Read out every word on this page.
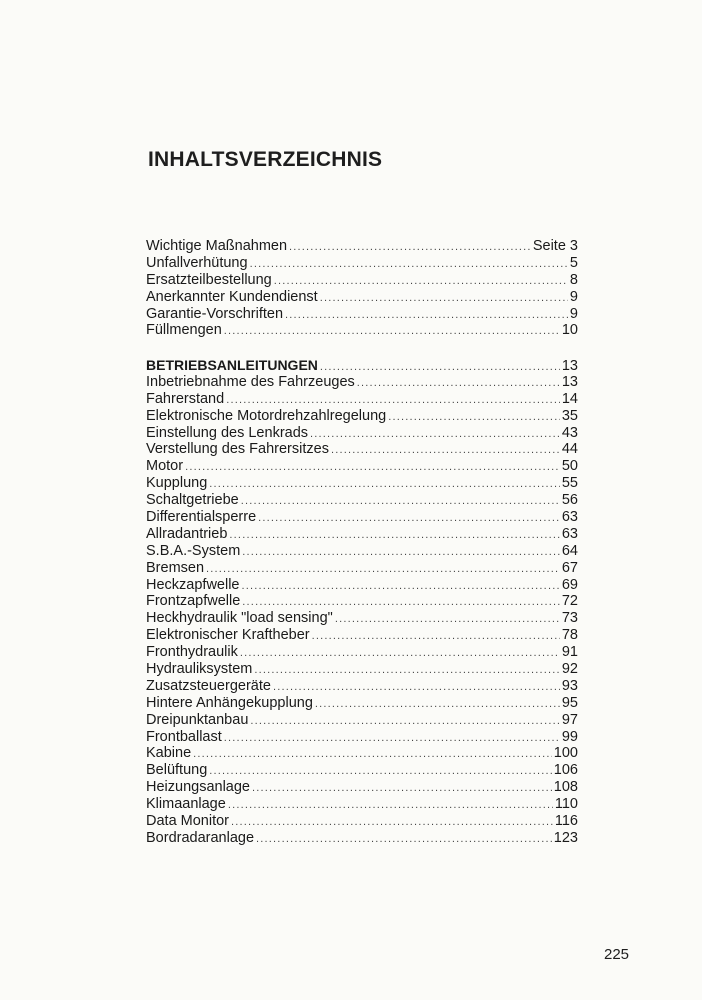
INHALTSVERZEICHNIS
Wichtige Maßnahmen .....	Seite 3
Unfallverhütung .....	5
Ersatzteilbestellung .....	8
Anerkannter Kundendienst .....	9
Garantie-Vorschriften .....	9
Füllmengen .....	10
BETRIEBSANLEITUNGEN .....	13
Inbetriebnahme des Fahrzeuges .....	13
Fahrerstand .....	14
Elektronische Motordrehzahlregelung .....	35
Einstellung des Lenkrads .....	43
Verstellung des Fahrersitzes .....	44
Motor .....	50
Kupplung .....	55
Schaltgetriebe .....	56
Differentialsperre .....	63
Allradantrieb .....	63
S.B.A.-System .....	64
Bremsen .....	67
Heckzapfwelle .....	69
Frontzapfwelle .....	72
Heckhydraulik "load sensing" .....	73
Elektronischer Kraftheber .....	78
Fronthydraulik .....	91
Hydrauliksystem .....	92
Zusatzsteuergeräte .....	93
Hintere Anhängekupplung .....	95
Dreipunktanbau .....	97
Frontballast .....	99
Kabine .....	100
Belüftung .....	106
Heizungsanlage .....	108
Klimaanlage .....	110
Data Monitor .....	116
Bordradaranlage .....	123
225
